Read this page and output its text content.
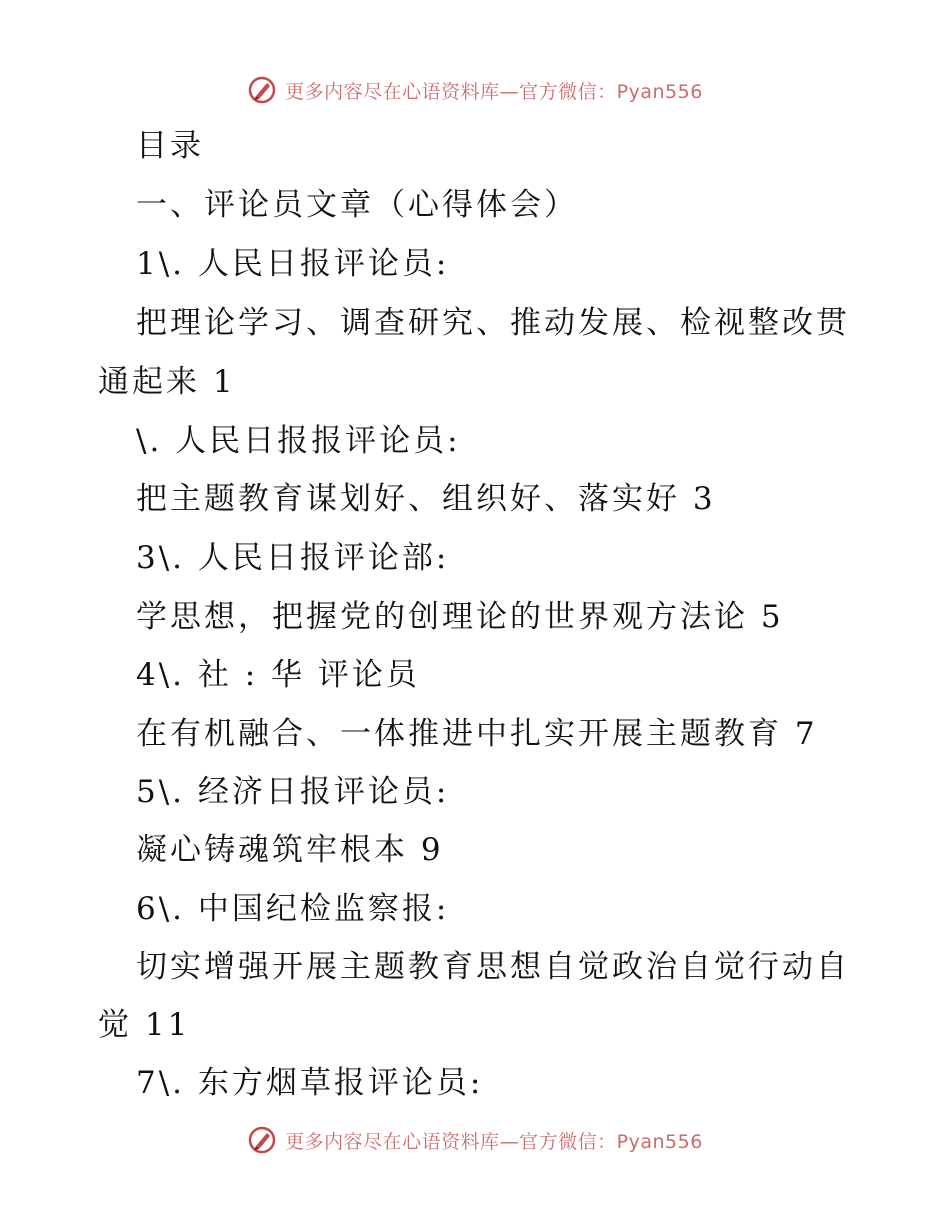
更多内容尽在心语资料库—官方微信：Pyan556
目录
一、评论员文章（心得体会）
1\. 人民日报评论员:
把理论学习、调查研究、推动发展、检视整改贯
通起来 1
\. 人民日报报评论员:
把主题教育谋划好、组织好、落实好 3
3\. 人民日报评论部:
学思想，把握党的创理论的世界观方法论 5
4\. 社 : 华 评论员
在有机融合、一体推进中扎实开展主题教育 7
5\. 经济日报评论员:
凝心铸魂筑牢根本 9
6\. 中国纪检监察报:
切实增强开展主题教育思想自觉政治自觉行动自
觉 11
7\. 东方烟草报评论员:
更多内容尽在心语资料库—官方微信：Pyan556
